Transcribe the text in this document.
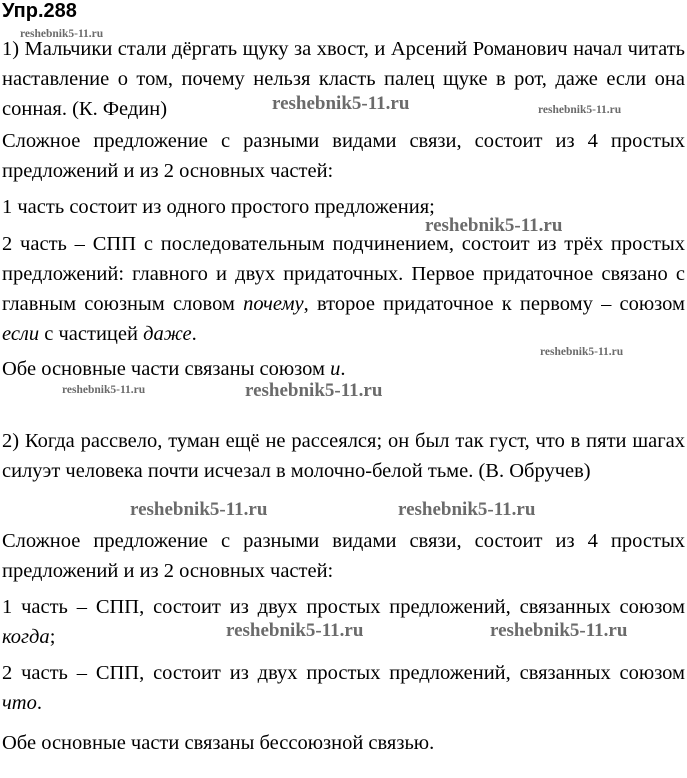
Упр.288

1) Мальчики стали дёргать щуку за хвост, и Арсений Романович начал читать наставление о том, почему нельзя класть палец щуке в рот, даже если она сонная. (К. Федин)

Сложное предложение с разными видами связи, состоит из 4 простых предложений и из 2 основных частей:

1 часть состоит из одного простого предложения;

2 часть – СПП с последовательным подчинением, состоит из трёх простых предложений: главного и двух придаточных. Первое придаточное связано с главным союзным словом почему, второе придаточное к первому – союзом если с частицей даже.

Обе основные части связаны союзом и.

2) Когда рассвело, туман ещё не рассеялся; он был так густ, что в пяти шагах силуэт человека почти исчезал в молочно-белой тьме. (В. Обручев)

Сложное предложение с разными видами связи, состоит из 4 простых предложений и из 2 основных частей:

1 часть – СПП, состоит из двух простых предложений, связанных союзом когда;

2 часть – СПП, состоит из двух простых предложений, связанных союзом что.

Обе основные части связаны бессоюзной связью.

reshebnik5-11.ru
reshebnik5-11.ru	reshebnik5-11.ru
reshebnik5-11.ru
reshebnik5-11.ru
reshebnik5-11.ru	reshebnik5-11.ru
reshebnik5-11.ru	reshebnik5-11.ru
reshebnik5-11.ru	reshebnik5-11.ru
